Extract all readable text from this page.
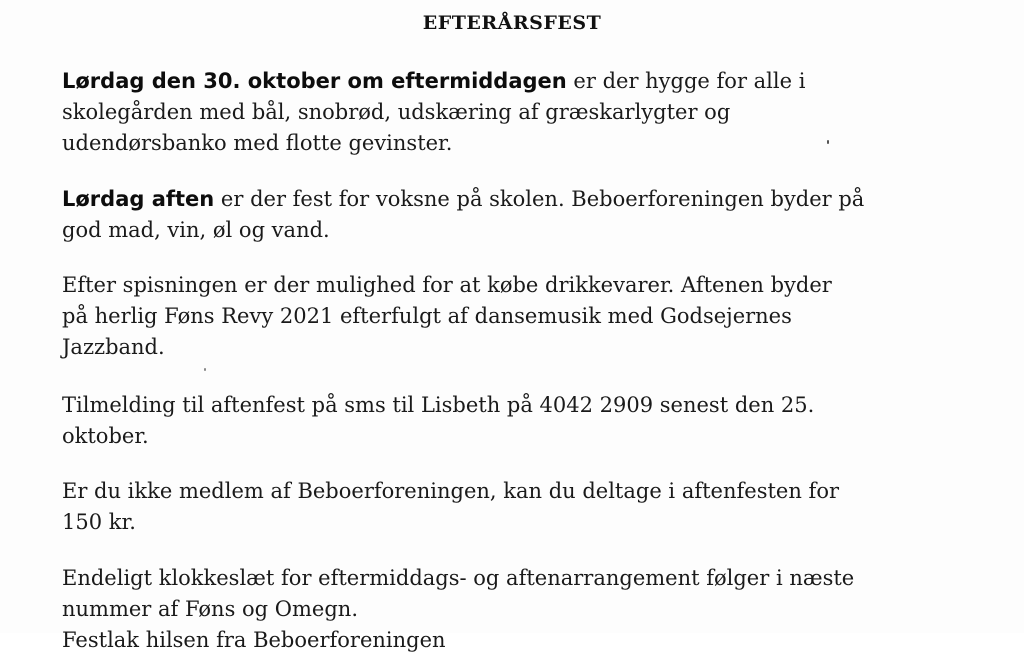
EFTERÅRSFEST
Lørdag den 30. oktober om eftermiddagen er der hygge for alle i
skolegården med bål, snobrød, udskæring af græskarlygter og
udendørsbanko med flotte gevinster.
Lørdag aften er der fest for voksne på skolen. Beboerforeningen byder på
god mad, vin, øl og vand.
Efter spisningen er der mulighed for at købe drikkevarer. Aftenen byder
på herlig Føns Revy 2021 efterfulgt af dansemusik med Godsejernes
Jazzband.
Tilmelding til aftenfest på sms til Lisbeth på 4042 2909 senest den 25.
oktober.
Er du ikke medlem af Beboerforeningen, kan du deltage i aftenfesten for
150 kr.
Endeligt klokkeslæt for eftermiddags- og aftenarrangement følger i næste
nummer af Føns og Omegn.
Festlak hilsen fra Beboerforeningen
